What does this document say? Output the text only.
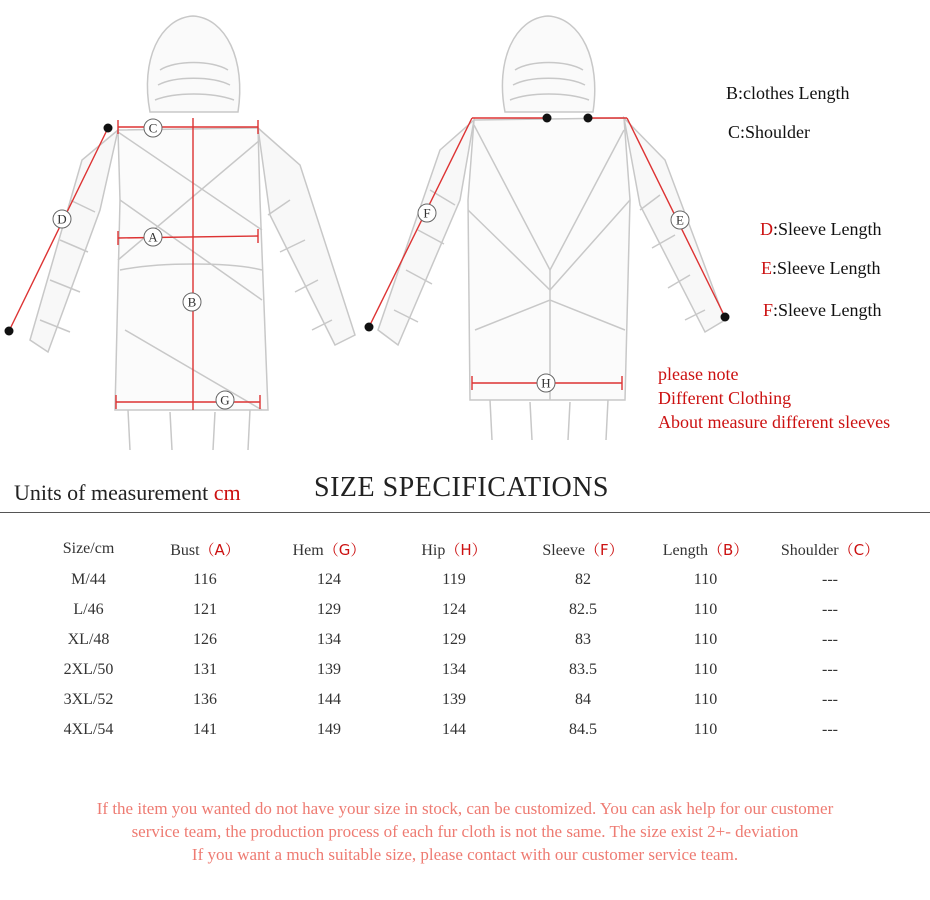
C
A
B
G
D	F	E
H
B:clothes Length
C:Shoulder
D:Sleeve Length
E:Sleeve Length
F:Sleeve Length
please note
Different Clothing
About measure different sleeves
Units of measurement cm	SIZE SPECIFICATIONS
Size/cm	Bust（A）	Hem（G）	Hip（H）	Sleeve（F）	Length（B）	Shoulder（C）
M/44	116	124	119	82	110	---
L/46	121	129	124	82.5	110	---
XL/48	126	134	129	83	110	---
2XL/50	131	139	134	83.5	110	---
3XL/52	136	144	139	84	110	---
4XL/54	141	149	144	84.5	110	---
If the item you wanted do not have your size in stock, can be customized. You can ask help for our customer
service team, the production process of each fur cloth is not the same. The size exist 2+- deviation
If you want a much suitable size, please contact with our customer service team.
